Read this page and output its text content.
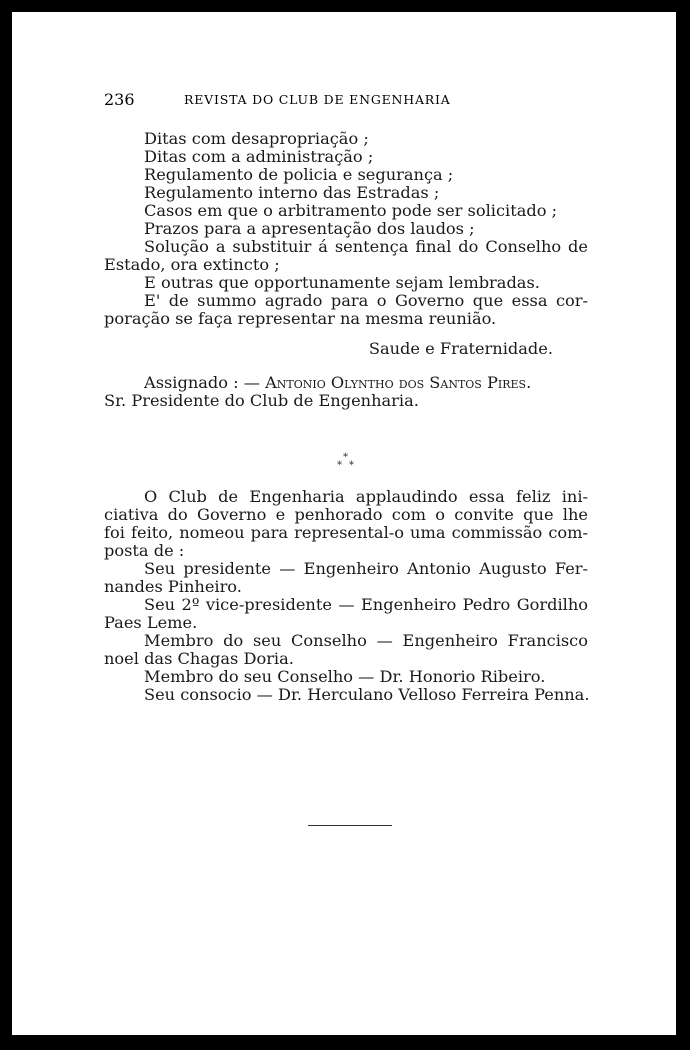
236	REVISTA DO CLUB DE ENGENHARIA
Ditas com desapropriação ;
Ditas com a administração ;
Regulamento de policia e segurança ;
Regulamento interno das Estradas ;
Casos em que o arbitramento pode ser solicitado ;
Prazos para a apresentação dos laudos ;
Solução a substituir á sentença final do Conselho de
Estado, ora extincto ;
E outras que opportunamente sejam lembradas.
E' de summo agrado para o Governo que essa cor-
poração se faça representar na mesma reunião.
Saude e Fraternidade.
Assignado : — Antonio Olyntho dos Santos Pires.
Sr. Presidente do Club de Engenharia.
*
* *
O Club de Engenharia applaudindo essa feliz ini-
ciativa do Governo e penhorado com o convite que lhe
foi feito, nomeou para represental-o uma commissão com-
posta de :
Seu presidente — Engenheiro Antonio Augusto Fer-
nandes Pinheiro.
Seu 2º vice-presidente — Engenheiro Pedro Gordilho
Paes Leme.
Membro do seu Conselho — Engenheiro Francisco
noel das Chagas Doria.
Membro do seu Conselho — Dr. Honorio Ribeiro.
Seu consocio — Dr. Herculano Velloso Ferreira Penna.
